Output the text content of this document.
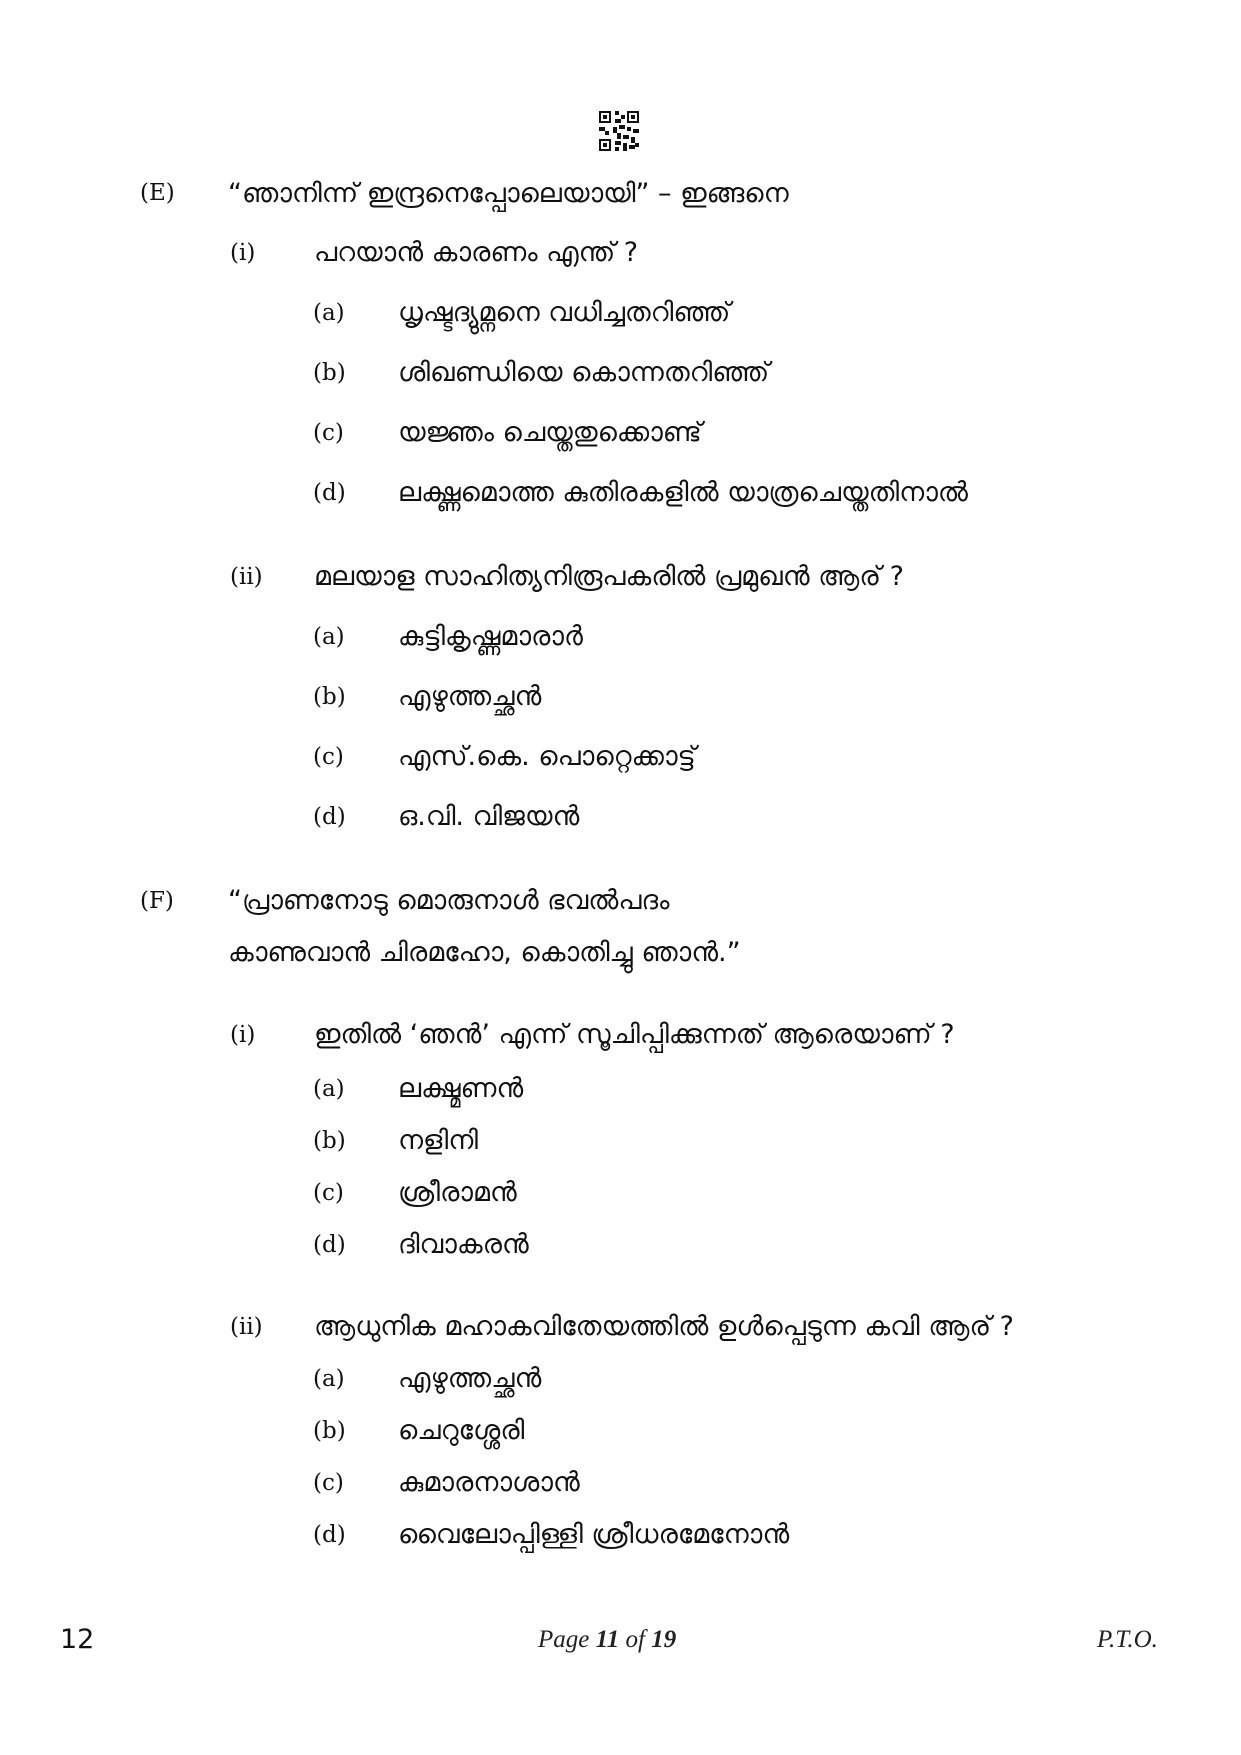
(E) “ഞാനിന്ന് ഇന്ദ്രനെപ്പോലെയായി” – ഇങ്ങനെ
(i) പറയാൻ കാരണം എന്ത് ?
(a) ധൃഷ്ടദ്യുമ്നനെ വധിച്ചതറിഞ്ഞ്
(b) ശിഖണ്ഡിയെ കൊന്നതറിഞ്ഞ്
(c) യജ്ഞം ചെയ്തതുക്കൊണ്ട്
(d) ലക്ഷ്ണമൊത്ത കുതിരകളിൽ യാത്രചെയ്തതിനാൽ
(ii) മലയാള സാഹിത്യനിരൂപകരിൽ പ്രമുഖൻ ആര് ?
(a) കുട്ടികൃഷ്ണമാരാർ
(b) എഴുത്തച്ഛൻ
(c) എസ്.കെ. പൊറ്റെക്കാട്ട്
(d) ഒ.വി. വിജയൻ
(F) “പ്രാണനോടു മൊരുനാൾ ഭവൽപദം
കാണുവാൻ ചിരമഹോ, കൊതിച്ചു ഞാൻ.”
(i) ഇതിൽ ‘ഞൻ’ എന്ന് സൂചിപ്പിക്കുന്നത് ആരെയാണ് ?
(a) ലക്ഷ്മണൻ
(b) നളിനി
(c) ശ്രീരാമൻ
(d) ദിവാകരൻ
(ii) ആധുനിക മഹാകവിതേയത്തിൽ ഉൾപ്പെടുന്ന കവി ആര് ?
(a) എഴുത്തച്ഛൻ
(b) ചെറുശ്ശേരി
(c) കുമാരനാശാൻ
(d) വൈലോപ്പിള്ളി ശ്രീധരമേനോൻ
12	Page 11 of 19	P.T.O.
